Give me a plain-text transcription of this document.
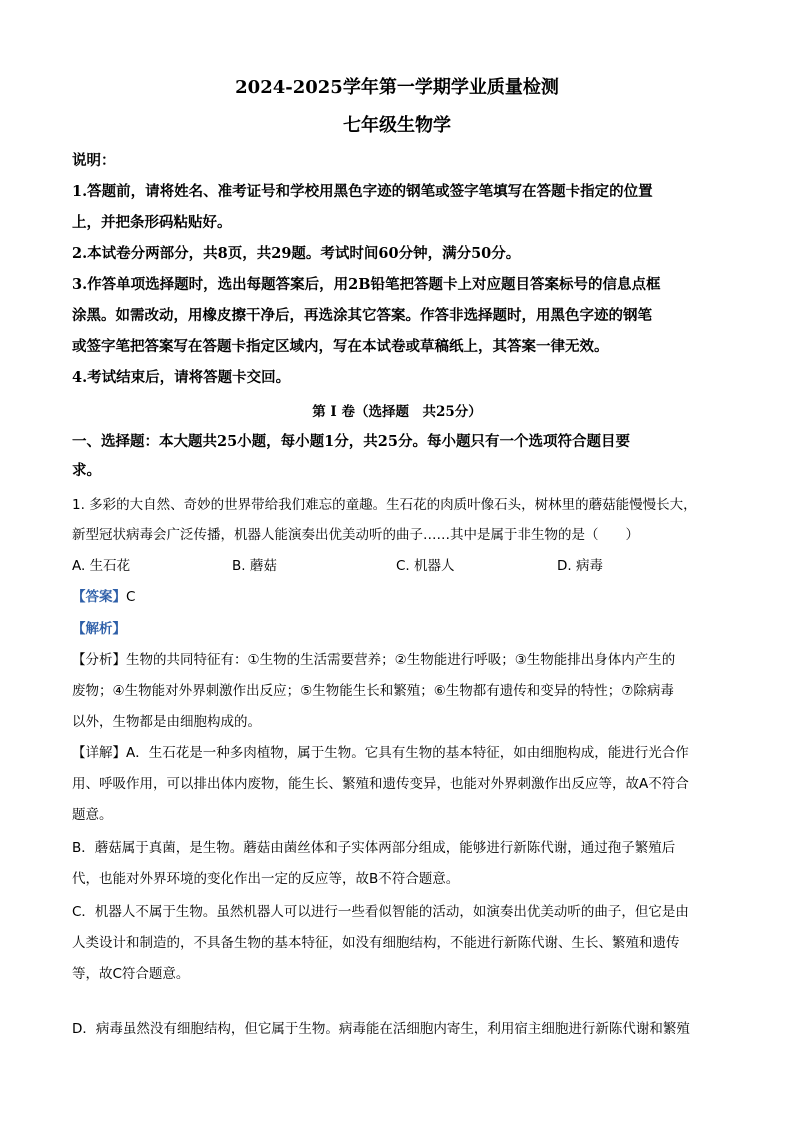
2024-2025学年第一学期学业质量检测
七年级生物学
说明：
1.答题前，请将姓名、准考证号和学校用黑色字迹的钢笔或签字笔填写在答题卡指定的位置
上，并把条形码粘贴好。
2.本试卷分两部分，共8页，共29题。考试时间60分钟，满分50分。
3.作答单项选择题时，选出每题答案后，用2B铅笔把答题卡上对应题目答案标号的信息点框
涂黑。如需改动，用橡皮擦干净后，再选涂其它答案。作答非选择题时，用黑色字迹的钢笔
或签字笔把答案写在答题卡指定区域内，写在本试卷或草稿纸上，其答案一律无效。
4.考试结束后，请将答题卡交回。
第 I 卷（选择题　共25分）
一、选择题：本大题共25小题，每小题1分，共25分。每小题只有一个选项符合题目要
求。
1. 多彩的大自然、奇妙的世界带给我们难忘的童趣。生石花的肉质叶像石头，树林里的蘑菇能慢慢长大，
新型冠状病毒会广泛传播，机器人能演奏出优美动听的曲子……其中是属于非生物的是（　　）
A. 生石花	B. 蘑菇	C. 机器人	D. 病毒
【答案】C
【解析】
【分析】生物的共同特征有：①生物的生活需要营养；②生物能进行呼吸；③生物能排出身体内产生的
废物；④生物能对外界刺激作出反应；⑤生物能生长和繁殖；⑥生物都有遗传和变异的特性；⑦除病毒
以外，生物都是由细胞构成的。
【详解】A．生石花是一种多肉植物，属于生物。它具有生物的基本特征，如由细胞构成，能进行光合作
用、呼吸作用，可以排出体内废物，能生长、繁殖和遗传变异，也能对外界刺激作出反应等，故A不符合
题意。
B．蘑菇属于真菌，是生物。蘑菇由菌丝体和子实体两部分组成，能够进行新陈代谢，通过孢子繁殖后
代，也能对外界环境的变化作出一定的反应等，故B不符合题意。
C．机器人不属于生物。虽然机器人可以进行一些看似智能的活动，如演奏出优美动听的曲子，但它是由
人类设计和制造的，不具备生物的基本特征，如没有细胞结构，不能进行新陈代谢、生长、繁殖和遗传
等，故C符合题意。
D．病毒虽然没有细胞结构，但它属于生物。病毒能在活细胞内寄生，利用宿主细胞进行新陈代谢和繁殖
